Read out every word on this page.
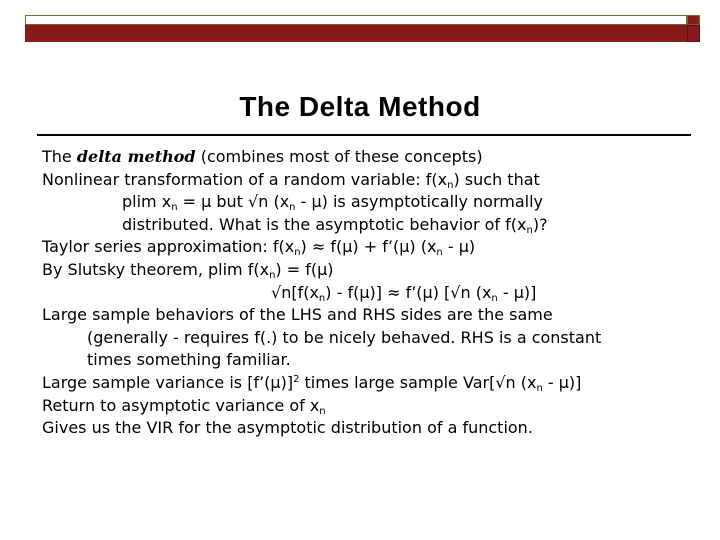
The Delta Method
The delta method (combines most of these concepts)
Nonlinear transformation of a random variable: $f(x_n)$ such that
plim $x_n = \mu$ but √n $(x_n - \mu)$ is asymptotically normally
distributed. What is the asymptotic behavior of $f(x_n)$?
Taylor series approximation: $f(x_n) \approx f(\mu)$ + f’(μ) $(x_n - \mu)$
By Slutsky theorem, plim $f(x_n) = f(\mu)$
$√n[f(x_n) - f(\mu)]$ ≈ f’(μ) [√n $(x_n - \mu)$]
Large sample behaviors of the LHS and RHS sides are the same
(generally - requires f(.) to be nicely behaved. RHS is a constant
times something familiar.
Large sample variance is [f’(μ)]$^2$ times large sample Var[√n $(x_n - \mu)$]
Return to asymptotic variance of $x_n$
Gives us the VIR for the asymptotic distribution of a function.
